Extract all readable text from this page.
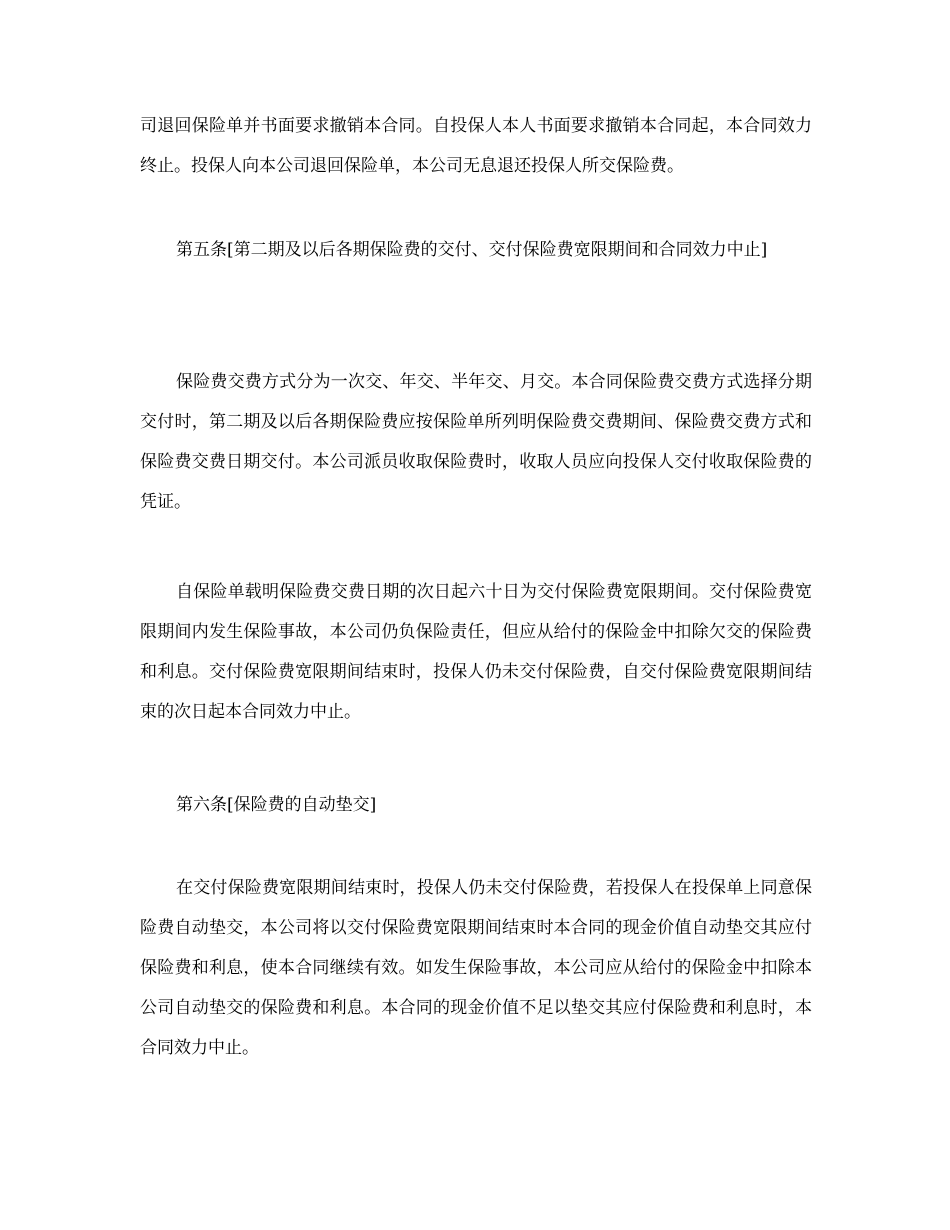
司退回保险单并书面要求撤销本合同。自投保人本人书面要求撤销本合同起，本合同效力终止。投保人向本公司退回保险单，本公司无息退还投保人所交保险费。

第五条[第二期及以后各期保险费的交付、交付保险费宽限期间和合同效力中止]

保险费交费方式分为一次交、年交、半年交、月交。本合同保险费交费方式选择分期交付时，第二期及以后各期保险费应按保险单所列明保险费交费期间、保险费交费方式和保险费交费日期交付。本公司派员收取保险费时，收取人员应向投保人交付收取保险费的凭证。

自保险单载明保险费交费日期的次日起六十日为交付保险费宽限期间。交付保险费宽限期间内发生保险事故，本公司仍负保险责任，但应从给付的保险金中扣除欠交的保险费和利息。交付保险费宽限期间结束时，投保人仍未交付保险费，自交付保险费宽限期间结束的次日起本合同效力中止。

第六条[保险费的自动垫交]

在交付保险费宽限期间结束时，投保人仍未交付保险费，若投保人在投保单上同意保险费自动垫交，本公司将以交付保险费宽限期间结束时本合同的现金价值自动垫交其应付保险费和利息，使本合同继续有效。如发生保险事故，本公司应从给付的保险金中扣除本公司自动垫交的保险费和利息。本合同的现金价值不足以垫交其应付保险费和利息时，本合同效力中止。
